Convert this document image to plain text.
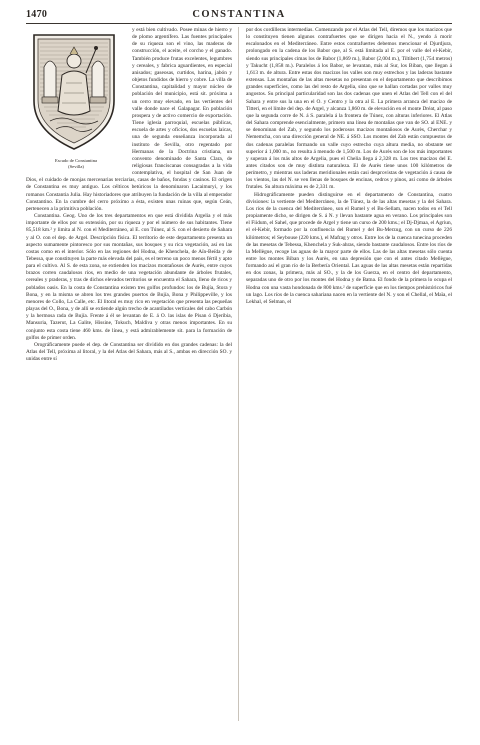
1470	CONSTANTINA
Escudo de Constantina
(Sevilla)

y está bien cultivado. Posee minas de hierro y de plomo argentífero. Las fuentes principales de su riqueza son el vino, las maderas de construcción, el aceite, el corcho y el ganado. También produce frutas excelentes, legumbres y cereales, y fabrica aguardientes, en especial anisados; gaseosas, curtidos, harina, jabón y objetos fundidos de hierro y cobre. La villa de Constantina, capitalidad y mayor núcleo de población del municipio, está sit. próxima a un cerro muy elevado, en las vertientes del valle donde nace el Galapagar. En población prospera y de activo comercio de exportación. Tiene iglesia parroquial, escuelas públicas, escuela de artes y oficios, dos escuelas laicas, una de segunda enseñanza incorporada al instituto de Sevilla, otro regentado por Hermanas de la Doctrina cristiana, un convento denominado de Santa Clara, de religiosas franciscanas consagradas a la vida contemplativa, el hospital de San Juan de Dios, el cuidado de monjas mercenarias terciarias, casas de baños, fondas y casinos. El origen de Constantina es muy antiguo. Los célticos betúricos la denominaron Lacaimuryi, y los romanos Constantia Julia. Hay historiadores que atribuyen la fundación de la villa al emperador Constantino. En la cumbre del cerro próximo a ésta, existen unas ruinas que, según Ceán, pertenecen a la primitiva población.

Constantina. Geog. Uno de los tres departamentos en que está dividida Argelia y el más importante de ellos por su extensión, por su riqueza y por el número de sus habitantes. Tiene 85,518 km.² y limita al N. con el Mediterráneo, al E. con Túnez, al S. con el desierto de Sahara y al O. con el dep. de Argel. Descripción física. El territorio de este departamento presenta un aspecto sumamente pintoresco por sus montañas, sus bosques y su rica vegetación, así en las costas como en el interior. Sólo en las regiones del Hodna, de Khenchela, de Aïn-Beïda y de Tebessa, que constituyen la parte más elevada del país, es el terreno un poco menos fértil y apto para el cultivo. Al S. de esta zona, se extienden los macizos montañosos de Aurès, entre cuyos brazos corren caudalosos ríos, en medio de una vegetación abundante de árboles frutales, cereales y praderas, y tras de dichos elevados territorios se encuentra el Sahara, lleno de ricos y poblados oasis. En la costa de Constantina existen tres golfos profundos: los de Bujía, Stora y Bona, y en la misma se abren los tres grandes puertos de Bujía, Bona y Philippeville, y los menores de Collo, La Calle, etc. El litoral es muy rico en vegetación que presenta las pequeñas playas del O., Bona, y de allí se extiende algún trecho de acantilados verticales del cabo Carbón y la hermosa rada de Bujía. Frente á él se levantan de E. á O. las islas de Pisan ó Djeribia, Mansuria, Tazerut, La Galite, Hissine, Tokuch, Maldiva y otras menos importantes. En su conjunto esta costa tiene 460 kms. de línea, y está admirablemente sit. para la formación de golfos de primer orden.

Orográficamente puede el dep. de Constantina ser dividido en dos grandes cadenas: la del Atlas del Tell, próxima al litoral, y la del Atlas del Sahara, más al S., ambas en dirección SO. y unidas entre sí

por dos cordilleras intermedias. Comenzando por el Atlas del Tell, diremos que los macizos que lo constituyen tienen algunos contrafuertes que se dirigen hacia el N., yendo á morir escalonados en el Mediterráneo. Entre estos contrafuertes debemos mencionar el Djurdjura, prolongado en la cadena de los Babor que, al S. está limitada al E. por el valle del el-Kebir, siendo sus principales cimas los de Babor (1,869 m.), Babor (2,004 m.), Tiltibert (1,754 metros) y Takucht (1,858 m.). Paralelos á los Babor, se levantan, más al Sur, los Biban, que llegan á 1,613 m. de altura. Entre estas dos macizos los valles son muy estrechos y las laderas bastante extensas. Las montañas de las altas mesetas no presentan en el departamento que describimos grandes superficies, como las del resto de Argelia, sino que se hallan cortadas por valles muy angostos. Su principal particularidad son las dos cadenas que unen el Atlas del Tell con el del Sahara y entre sus la una en el O. y Centro y la otra al E. La primera arranca del macizo de Titteri, en el límite del dep. de Argel, y alcanza 1,860 m. de elevación en el monte Dréat, al paso que la segunda corre de N. á S. paralela á la frontera de Túnez, con alturas inferiores. El Atlas del Sahara comprende esencialmente, primero una línea de montañas que van de SO. al ENE. y se denominan del Zab, y segundo los poderosos macizos montañosos de Aurès, Cherchar y Nememcha, con una dirección general de NE. á SSO. Los montes del Zab están compuestos de dos cadenas paralelas formando un valle cuyo estrecho cuya altura media, no obstante ser superior á 1,000 m., no resulta á menudo de 1,500 m. Los de Aurès son de los más importantes y superan á los más altos de Argelia, pues el Chelia llega á 2,328 m. Los tres macizos del E. antes citados son de muy distinta naturaleza. El de Aurès tiene unos 100 kilómetros de perímetro, y mientras sus laderas meridionales están casi desprovistas de vegetación á causa de los vientos, las del N. se ven llenas de bosques de encinas, cedros y pinos, así como de árboles frutales. Su altura máxima es de 2,331 m.

Hidrográficamente pueden distinguirse en el departamento de Constantina, cuatro divisiones: la vertiente del Mediterráneo, la de Túnez, la de las altas mesetas y la del Sahara. Los ríos de la cuenca del Mediterráneo, son el Rumel y el Bu-Sellam, nacen todos en el Tell propiamente dicho, se dirigen de S. á N. y llevan bastante agua en verano. Los principales son el Fiidum, el Sahel, que procede de Argel y tiene un curso de 200 kms.; el Dj-Djmaa, el Agriun, el el-Kebir, formado por la confluencia del Rumel y del Bu-Merzug, con un curso de 226 kilómetros; el Seybouse (220 kms.), el Mafrag y otros. Entre los de la cuenca tunecina proceden de las mesetas de Tebessa, Khenchela y Suk-ahras, siendo bastante caudalosos. Entre los ríos de la Mellègue, recoge las aguas de la mayor parte de ellos. Las de las altas mesetas sólo cuenta entre los montes Biban y los Aurès, en una depresión que con el antes citado Mellègue, formando así el gran río de la Berbería Oriental. Las aguas de las altas mesetas están repartidas en dos zonas, la primera, más al SO., y la de los Guerza, en el centro del departamento, separadas uno de otro por los montes del Hodna y de Batna. El fondo de la primera lo ocupa el Hodna con una vasta hondonada de 800 kms.² de superficie que en los tiempos prehistóricos fué un lago. Los ríos de la cuenca sahariana nacen en la vertiente del N. y son el Chellal, el Maïa, el Lekhal, el Selman, el
